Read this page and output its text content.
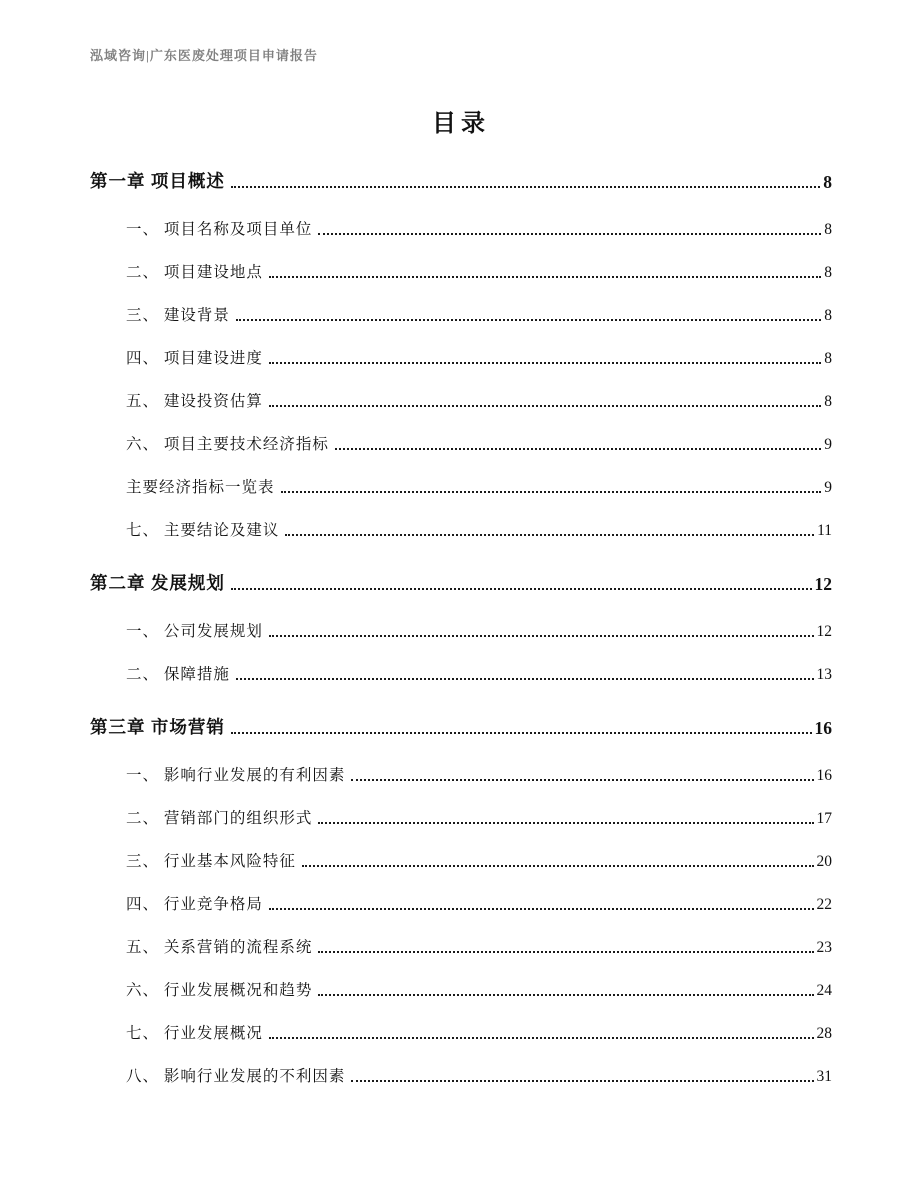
泓域咨询|广东医废处理项目申请报告
目录
第一章 项目概述	8
一、 项目名称及项目单位	8
二、 项目建设地点	8
三、 建设背景	8
四、 项目建设进度	8
五、 建设投资估算	8
六、 项目主要技术经济指标	9
主要经济指标一览表	9
七、 主要结论及建议	11
第二章 发展规划	12
一、 公司发展规划	12
二、 保障措施	13
第三章 市场营销	16
一、 影响行业发展的有利因素	16
二、 营销部门的组织形式	17
三、 行业基本风险特征	20
四、 行业竞争格局	22
五、 关系营销的流程系统	23
六、 行业发展概况和趋势	24
七、 行业发展概况	28
八、 影响行业发展的不利因素	31
